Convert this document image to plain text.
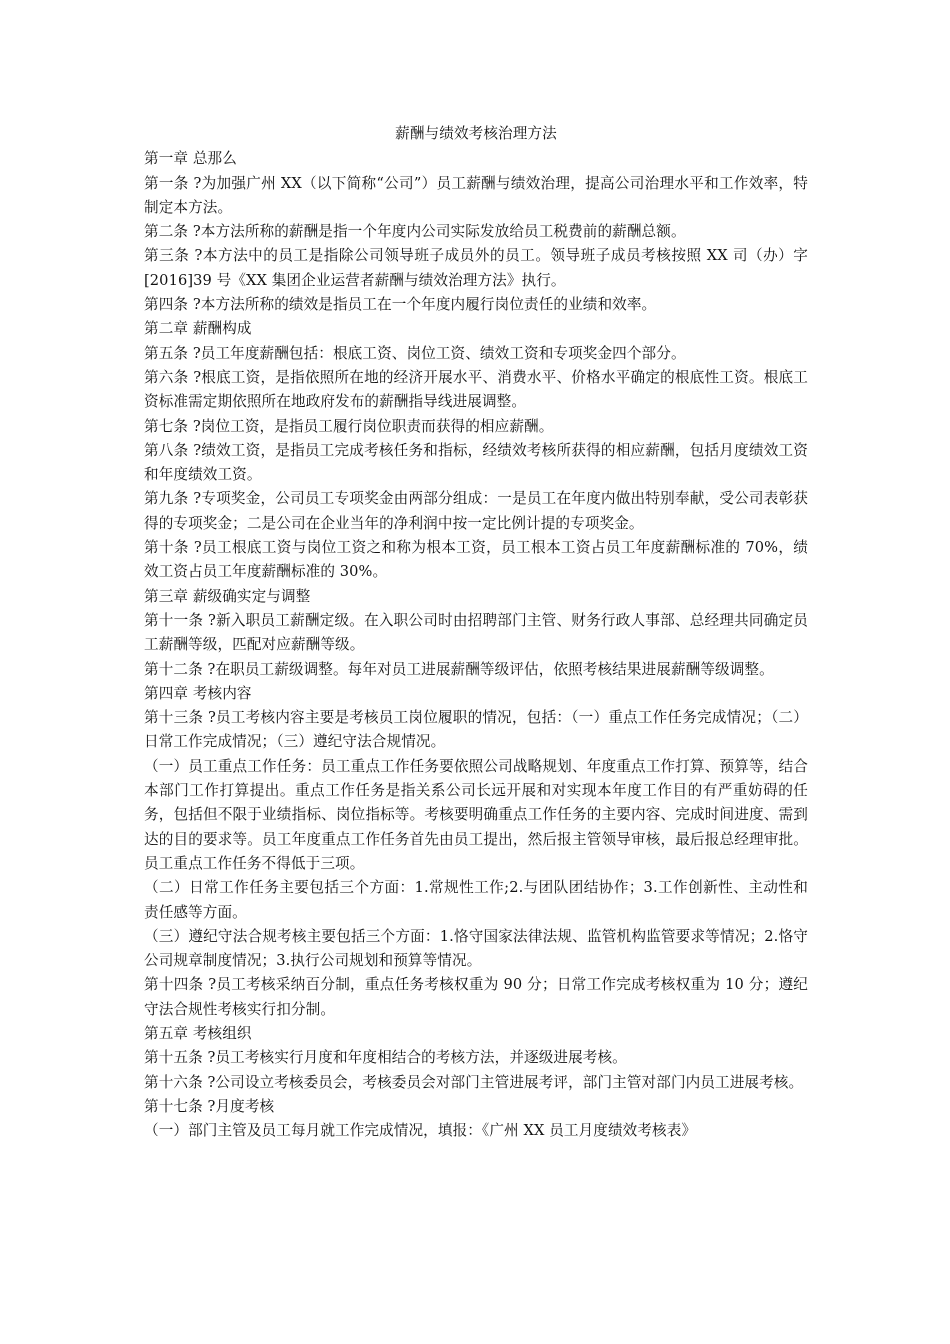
薪酬与绩效考核治理方法
第一章 总那么
第一条 ?为加强广州 XX（以下简称“公司”）员工薪酬与绩效治理，提高公司治理水平和工作效率，特制定本方法。
第二条 ?本方法所称的薪酬是指一个年度内公司实际发放给员工税费前的薪酬总额。
第三条 ?本方法中的员工是指除公司领导班子成员外的员工。领导班子成员考核按照 XX 司（办）字[2016]39 号《XX 集团企业运营者薪酬与绩效治理方法》执行。
第四条 ?本方法所称的绩效是指员工在一个年度内履行岗位责任的业绩和效率。
第二章 薪酬构成
第五条 ?员工年度薪酬包括：根底工资、岗位工资、绩效工资和专项奖金四个部分。
第六条 ?根底工资，是指依照所在地的经济开展水平、消费水平、价格水平确定的根底性工资。根底工资标准需定期依照所在地政府发布的薪酬指导线进展调整。
第七条 ?岗位工资，是指员工履行岗位职责而获得的相应薪酬。
第八条 ?绩效工资，是指员工完成考核任务和指标，经绩效考核所获得的相应薪酬，包括月度绩效工资和年度绩效工资。
第九条 ?专项奖金，公司员工专项奖金由两部分组成：一是员工在年度内做出特别奉献，受公司表彰获得的专项奖金；二是公司在企业当年的净利润中按一定比例计提的专项奖金。
第十条 ?员工根底工资与岗位工资之和称为根本工资，员工根本工资占员工年度薪酬标准的 70%，绩效工资占员工年度薪酬标准的 30%。
第三章 薪级确实定与调整
第十一条 ?新入职员工薪酬定级。在入职公司时由招聘部门主管、财务行政人事部、总经理共同确定员工薪酬等级，匹配对应薪酬等级。
第十二条 ?在职员工薪级调整。每年对员工进展薪酬等级评估，依照考核结果进展薪酬等级调整。
第四章 考核内容
第十三条 ?员工考核内容主要是考核员工岗位履职的情况，包括：（一）重点工作任务完成情况；（二）日常工作完成情况；（三）遵纪守法合规情况。
（一）员工重点工作任务：员工重点工作任务要依照公司战略规划、年度重点工作打算、预算等，结合本部门工作打算提出。重点工作任务是指关系公司长远开展和对实现本年度工作目的有严重妨碍的任务，包括但不限于业绩指标、岗位指标等。考核要明确重点工作任务的主要内容、完成时间进度、需到达的目的要求等。员工年度重点工作任务首先由员工提出，然后报主管领导审核，最后报总经理审批。员工重点工作任务不得低于三项。
（二）日常工作任务主要包括三个方面：1.常规性工作;2.与团队团结协作；3.工作创新性、主动性和责任感等方面。
（三）遵纪守法合规考核主要包括三个方面：1.恪守国家法律法规、监管机构监管要求等情况；2.恪守公司规章制度情况；3.执行公司规划和预算等情况。
第十四条 ?员工考核采纳百分制，重点任务考核权重为 90 分；日常工作完成考核权重为 10 分；遵纪守法合规性考核实行扣分制。
第五章 考核组织
第十五条 ?员工考核实行月度和年度相结合的考核方法，并逐级进展考核。
第十六条 ?公司设立考核委员会，考核委员会对部门主管进展考评，部门主管对部门内员工进展考核。
第十七条 ?月度考核
（一）部门主管及员工每月就工作完成情况，填报：《广州 XX 员工月度绩效考核表》
